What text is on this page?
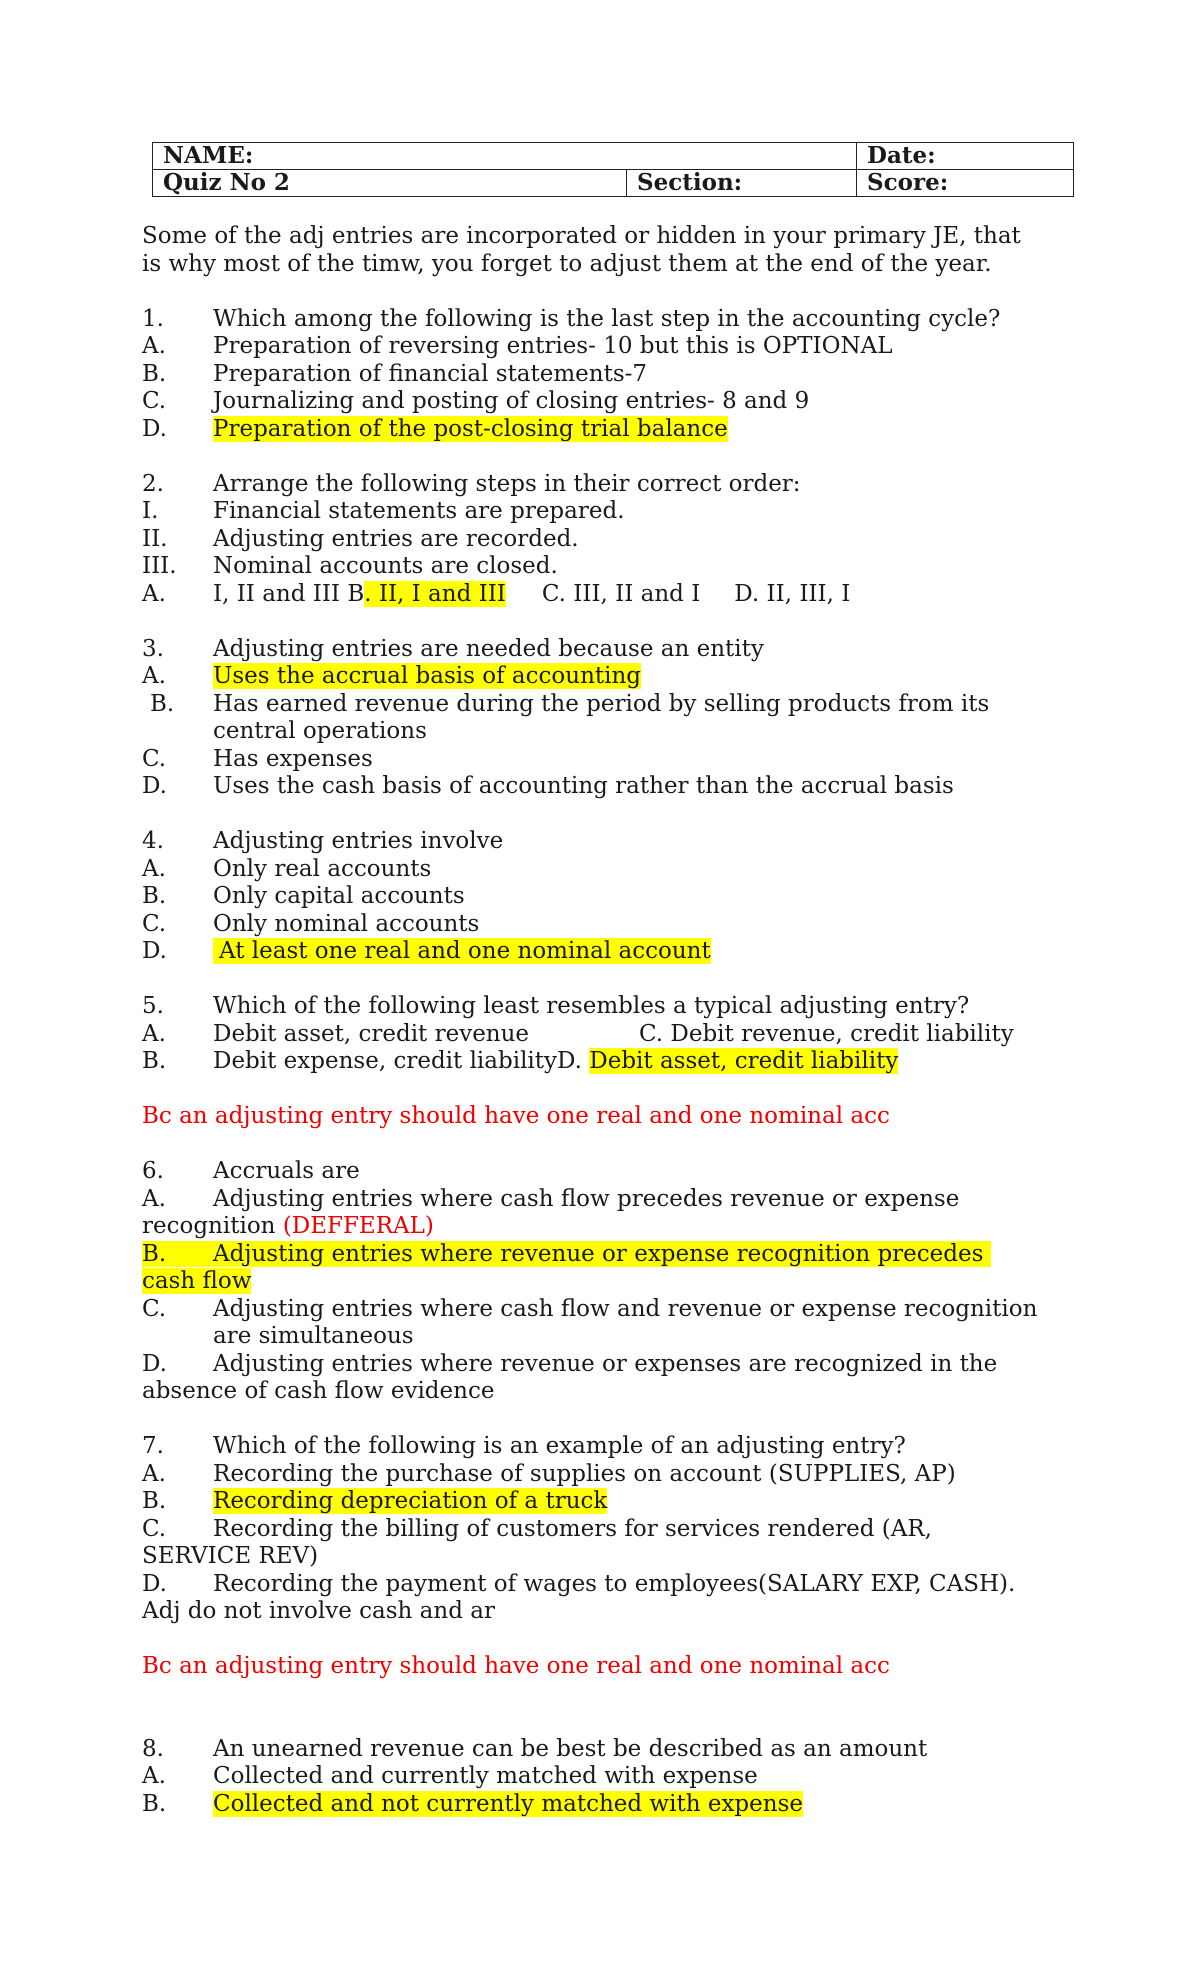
NAME:		Date:
Quiz No 2	Section:	Score:
Some of the adj entries are incorporated or hidden in your primary JE, that
is why most of the timw, you forget to adjust them at the end of the year.
1. Which among the following is the last step in the accounting cycle?
A. Preparation of reversing entries- 10 but this is OPTIONAL
B. Preparation of financial statements-7
C. Journalizing and posting of closing entries- 8 and 9
D. Preparation of the post-closing trial balance
2. Arrange the following steps in their correct order:
I. Financial statements are prepared.
II. Adjusting entries are recorded.
III. Nominal accounts are closed.
A. I, II and III B. II, I and III C. III, II and I D. II, III, I
3. Adjusting entries are needed because an entity
A. Uses the accrual basis of accounting
B. Has earned revenue during the period by selling products from its
central operations
C. Has expenses
D. Uses the cash basis of accounting rather than the accrual basis
4. Adjusting entries involve
A. Only real accounts
B. Only capital accounts
C. Only nominal accounts
D. At least one real and one nominal account
5. Which of the following least resembles a typical adjusting entry?
A. Debit asset, credit revenue	C. Debit revenue, credit liability
B. Debit expense, credit liabilityD. Debit asset, credit liability
Bc an adjusting entry should have one real and one nominal acc
6. Accruals are
A. Adjusting entries where cash flow precedes revenue or expense
recognition (DEFFERAL)
B. Adjusting entries where revenue or expense recognition precedes
cash flow
C. Adjusting entries where cash flow and revenue or expense recognition
are simultaneous
D. Adjusting entries where revenue or expenses are recognized in the
absence of cash flow evidence
7. Which of the following is an example of an adjusting entry?
A. Recording the purchase of supplies on account (SUPPLIES, AP)
B. Recording depreciation of a truck
C. Recording the billing of customers for services rendered (AR,
SERVICE REV)
D. Recording the payment of wages to employees(SALARY EXP, CASH).
Adj do not involve cash and ar
Bc an adjusting entry should have one real and one nominal acc
8. An unearned revenue can be best be described as an amount
A. Collected and currently matched with expense
B. Collected and not currently matched with expense
